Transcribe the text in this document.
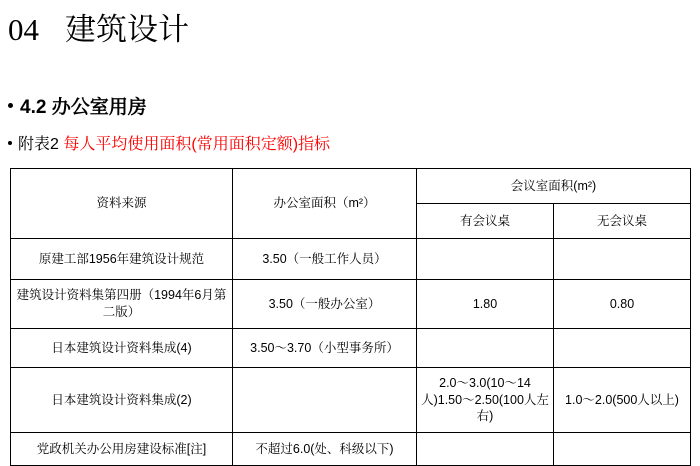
04 建筑设计
4.2 办公室用房
附表2 每人平均使用面积(常用面积定额)指标
资料来源	办公室面积（m²）	会议室面积(m²)	
		有会议桌	无会议桌
原建工部1956年建筑设计规范	3.50（一般工作人员）		
建筑设计资料集第四册（1994年6月第二版）	3.50（一般办公室）	1.80	0.80
日本建筑设计资料集成(4)	3.50～3.70（小型事务所）		
日本建筑设计资料集成(2)		2.0～3.0(10～14人)1.50～2.50(100人左右)	1.0～2.0(500人以上)
党政机关办公用房建设标准[注]	不超过6.0(处、科级以下)		
